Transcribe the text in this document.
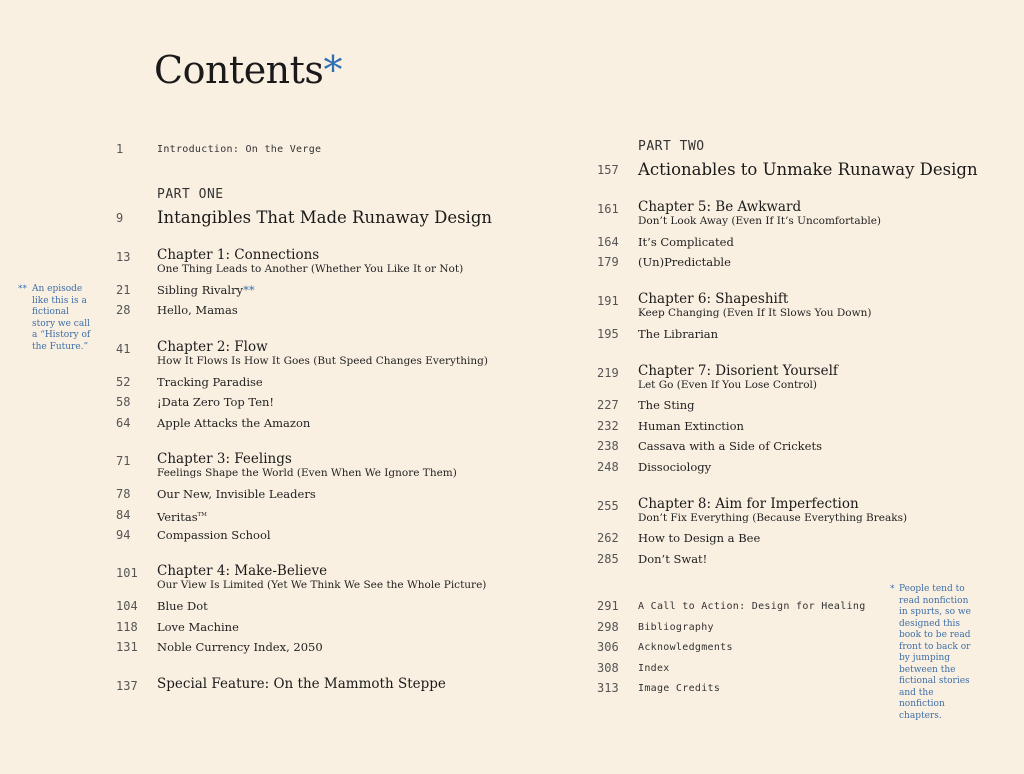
Contents*
1	Introduction: On the Verge
PART ONE
9 Intangibles That Made Runaway Design
13 Chapter 1: Connections
One Thing Leads to Another (Whether You Like It or Not)
21 Sibling Rivalry**
28 Hello, Mamas
41 Chapter 2: Flow
How It Flows Is How It Goes (But Speed Changes Everything)
52 Tracking Paradise
58 ¡Data Zero Top Ten!
64 Apple Attacks the Amazon
71 Chapter 3: Feelings
Feelings Shape the World (Even When We Ignore Them)
78 Our New, Invisible Leaders
84 Veritas™
94 Compassion School
101 Chapter 4: Make-Believe
Our View Is Limited (Yet We Think We See the Whole Picture)
104 Blue Dot
118 Love Machine
131 Noble Currency Index, 2050
137 Special Feature: On the Mammoth Steppe
PART TWO
157 Actionables to Unmake Runaway Design
161 Chapter 5: Be Awkward
Don’t Look Away (Even If It’s Uncomfortable)
164 It’s Complicated
179 (Un)Predictable
191 Chapter 6: Shapeshift
Keep Changing (Even If It Slows You Down)
195 The Librarian
219 Chapter 7: Disorient Yourself
Let Go (Even If You Lose Control)
227 The Sting
232 Human Extinction
238 Cassava with a Side of Crickets
248 Dissociology
255 Chapter 8: Aim for Imperfection
Don’t Fix Everything (Because Everything Breaks)
262 How to Design a Bee
285 Don’t Swat!
291 A Call to Action: Design for Healing
298 Bibliography
306 Acknowledgments
308 Index
313 Image Credits
** An episode like this is a fictional story we call a “History of the Future.”
* People tend to read nonfiction in spurts, so we designed this book to be read front to back or by jumping between the fictional stories and the nonfiction chapters.
